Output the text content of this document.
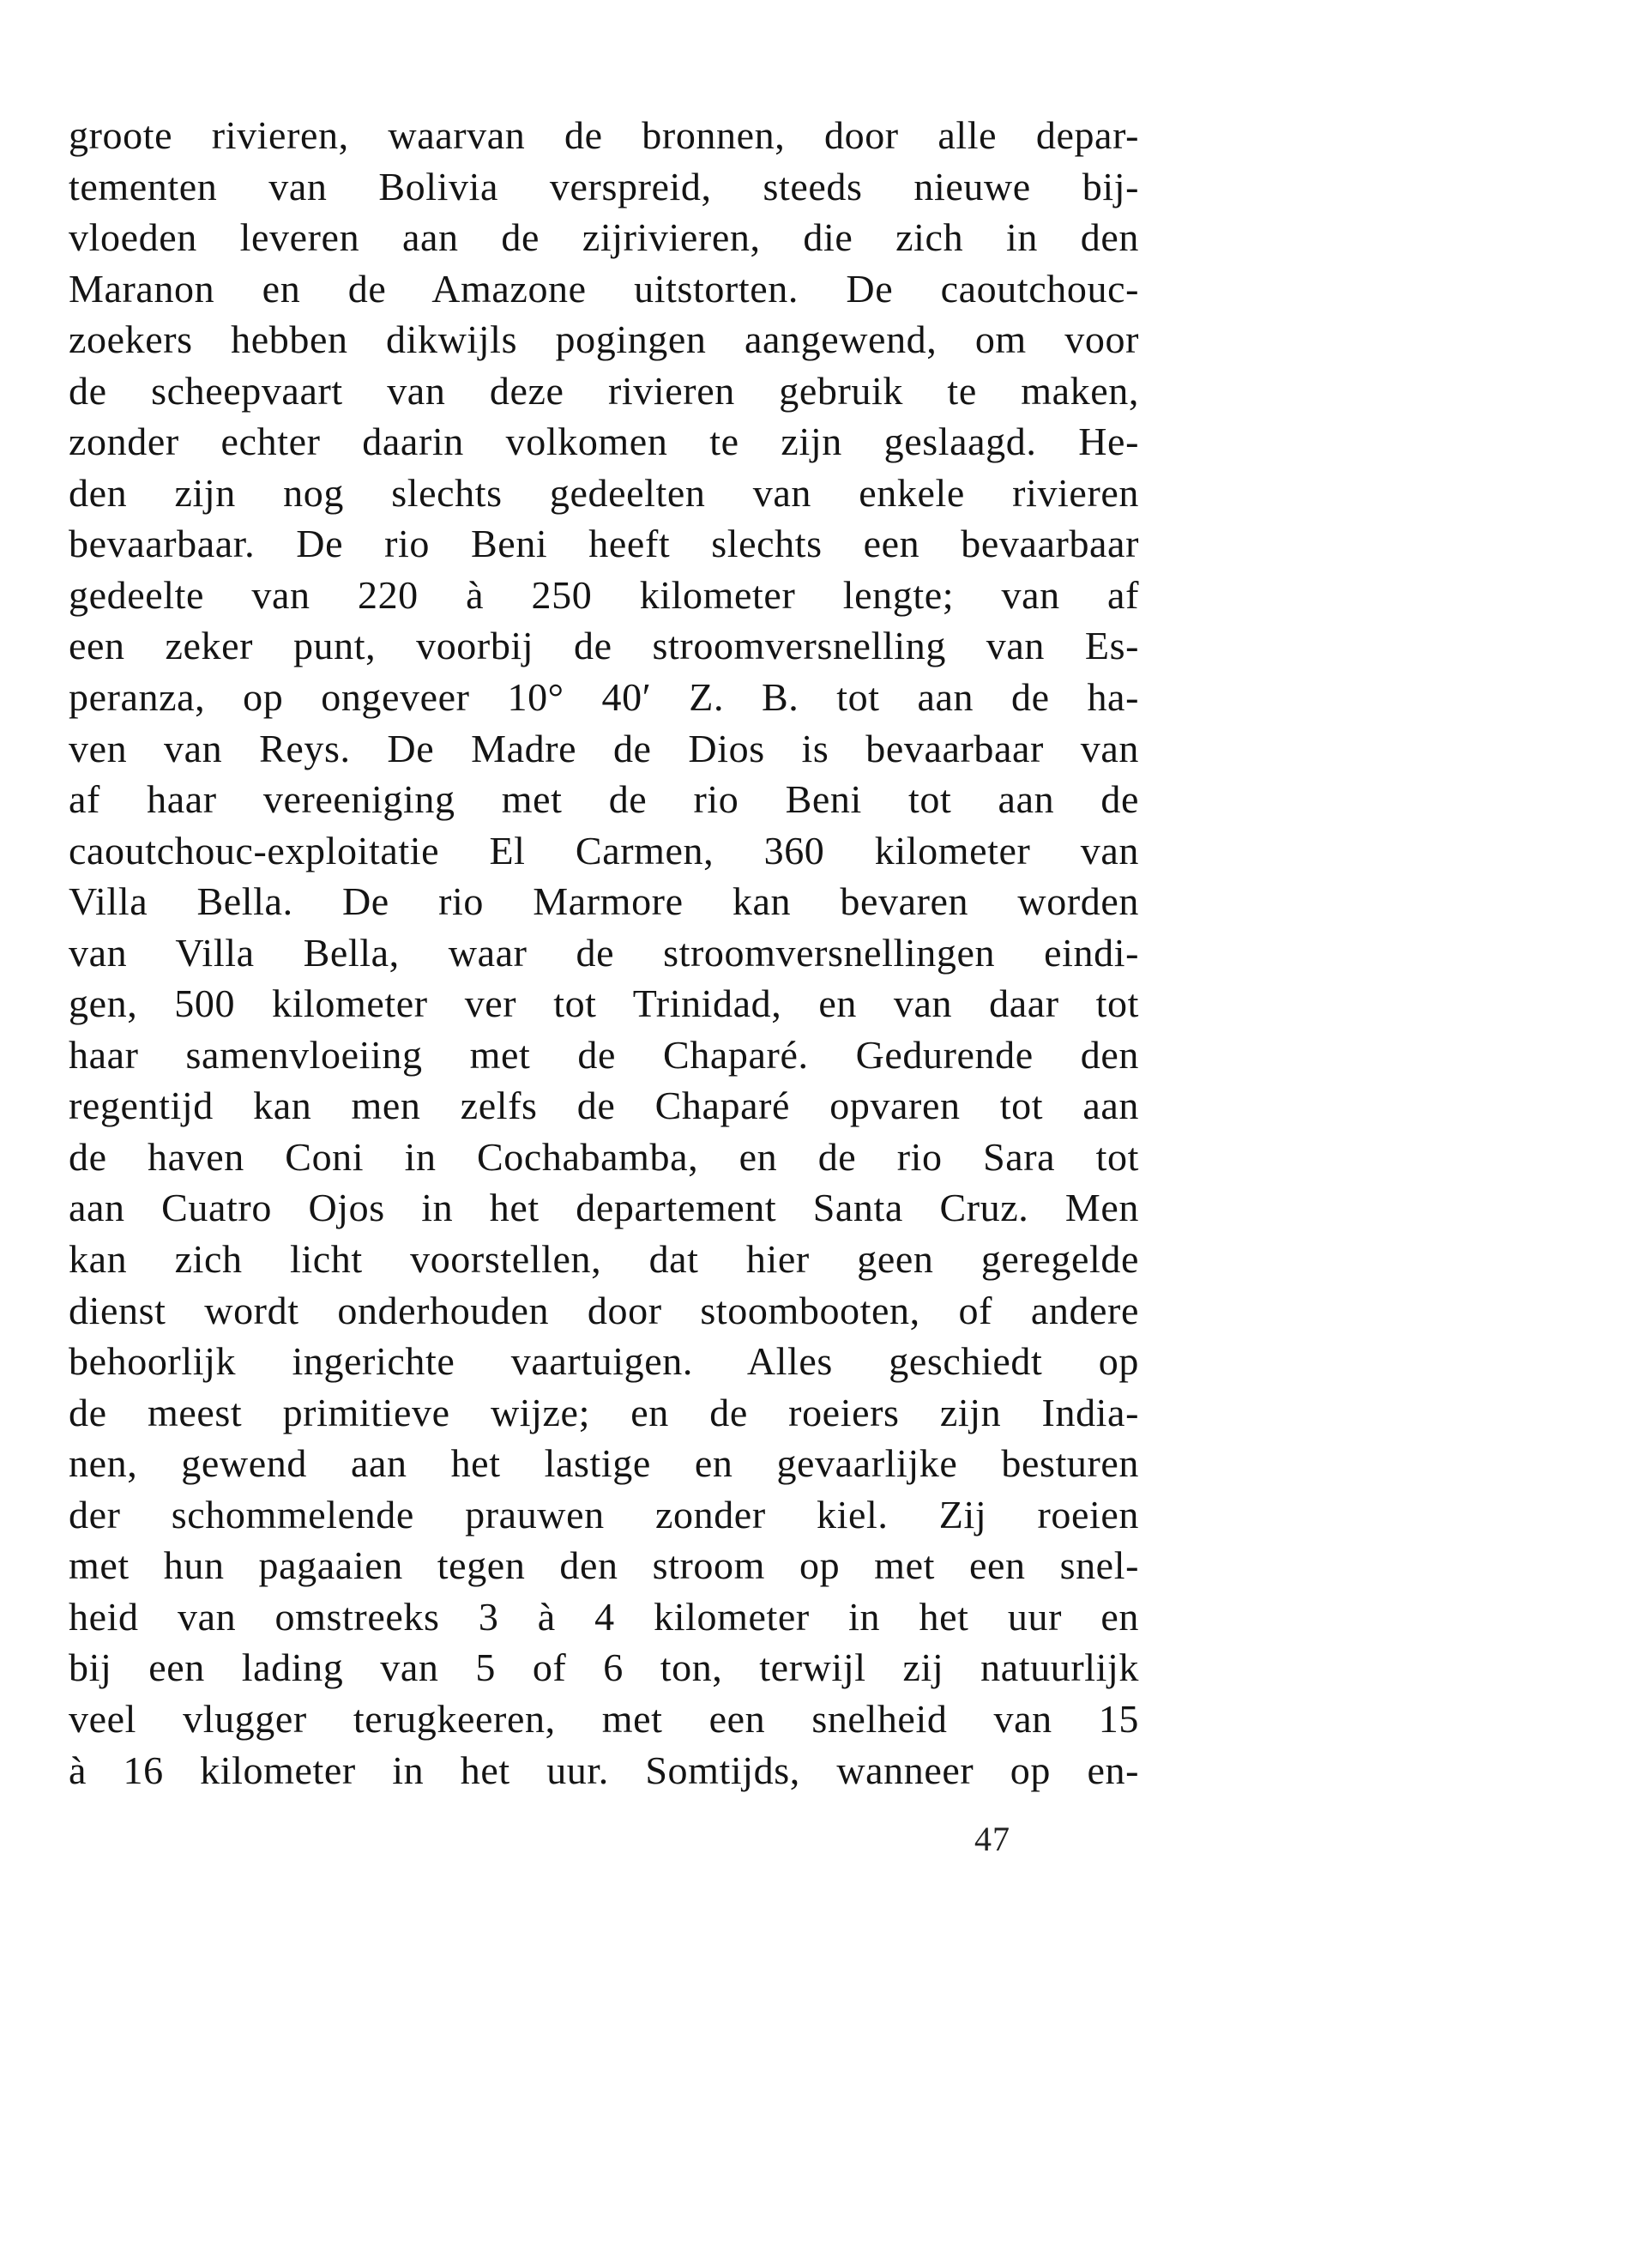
groote rivieren, waarvan de bronnen, door alle depar-
tementen van Bolivia verspreid, steeds nieuwe bij-
vloeden leveren aan de zijrivieren, die zich in den
Maranon en de Amazone uitstorten. De caoutchouc-
zoekers hebben dikwijls pogingen aangewend, om voor
de scheepvaart van deze rivieren gebruik te maken,
zonder echter daarin volkomen te zijn geslaagd. He-
den zijn nog slechts gedeelten van enkele rivieren
bevaarbaar. De rio Beni heeft slechts een bevaarbaar
gedeelte van 220 à 250 kilometer lengte; van af
een zeker punt, voorbij de stroomversnelling van Es-
peranza, op ongeveer 10° 40′ Z. B. tot aan de ha-
ven van Reys. De Madre de Dios is bevaarbaar van
af haar vereeniging met de rio Beni tot aan de
caoutchouc-exploitatie El Carmen, 360 kilometer van
Villa Bella. De rio Marmore kan bevaren worden
van Villa Bella, waar de stroomversnellingen eindi-
gen, 500 kilometer ver tot Trinidad, en van daar tot
haar samenvloeiing met de Chaparé. Gedurende den
regentijd kan men zelfs de Chaparé opvaren tot aan
de haven Coni in Cochabamba, en de rio Sara tot
aan Cuatro Ojos in het departement Santa Cruz. Men
kan zich licht voorstellen, dat hier geen geregelde
dienst wordt onderhouden door stoombooten, of andere
behoorlijk ingerichte vaartuigen. Alles geschiedt op
de meest primitieve wijze; en de roeiers zijn India-
nen, gewend aan het lastige en gevaarlijke besturen
der schommelende prauwen zonder kiel. Zij roeien
met hun pagaaien tegen den stroom op met een snel-
heid van omstreeks 3 à 4 kilometer in het uur en
bij een lading van 5 of 6 ton, terwijl zij natuurlijk
veel vlugger terugkeeren, met een snelheid van 15
à 16 kilometer in het uur. Somtijds, wanneer op en-
47
